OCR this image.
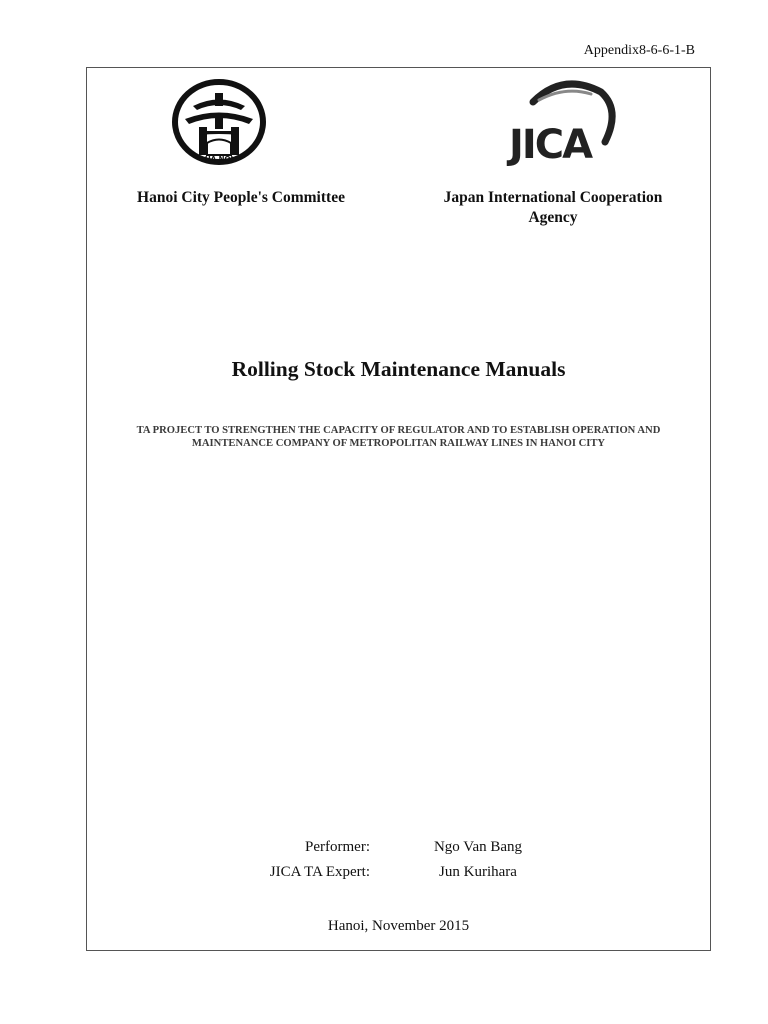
Appendix8-6-6-1-B
HÀ NỘI	JICA
Hanoi City People's Committee	Japan International Cooperation
Agency
Rolling Stock Maintenance Manuals
TA PROJECT TO STRENGTHEN THE CAPACITY OF REGULATOR AND TO ESTABLISH OPERATION AND
MAINTENANCE COMPANY OF METROPOLITAN RAILWAY LINES IN HANOI CITY
Performer:	Ngo Van Bang
JICA TA Expert:	Jun Kurihara
Hanoi, November 2015
